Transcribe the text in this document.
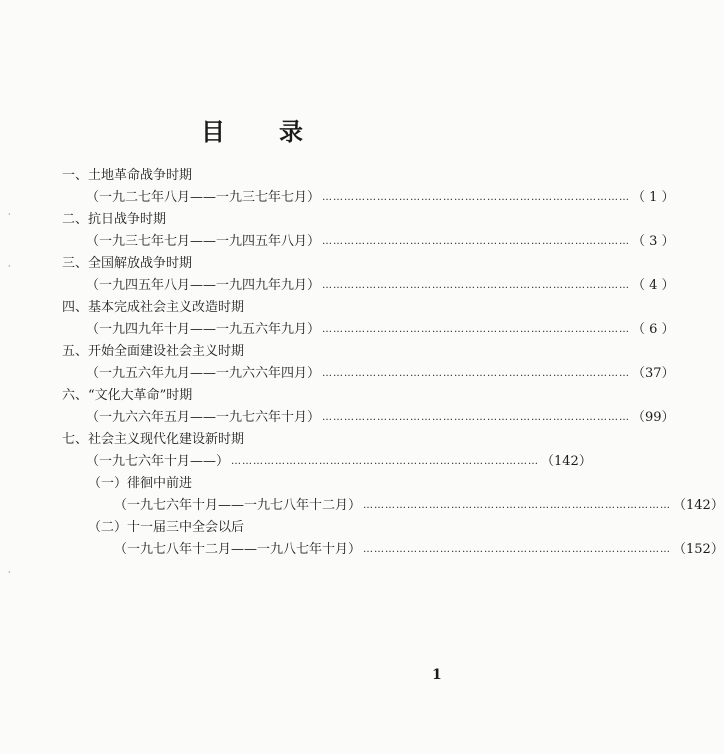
目 录
一、土地革命战争时期
（一九二七年八月——一九三七年七月） ………………………………………………………………………… （ 1 ）
二、抗日战争时期
（一九三七年七月——一九四五年八月） ………………………………………………………………………… （ 3 ）
三、全国解放战争时期
（一九四五年八月——一九四九年九月） ………………………………………………………………………… （ 4 ）
四、基本完成社会主义改造时期
（一九四九年十月——一九五六年九月） ………………………………………………………………………… （ 6 ）
五、开始全面建设社会主义时期
（一九五六年九月——一九六六年四月） ………………………………………………………………………… （37）
六、“文化大革命”时期
（一九六六年五月——一九七六年十月） ………………………………………………………………………… （99）
七、社会主义现代化建设新时期
（一九七六年十月——） ………………………………………………………………………… （142）
（一）徘徊中前进
（一九七六年十月——一九七八年十二月） ………………………………………………………………………… （142）
（二）十一届三中全会以后
（一九七八年十二月——一九八七年十月） ………………………………………………………………………… （152）
1
·
·
·
